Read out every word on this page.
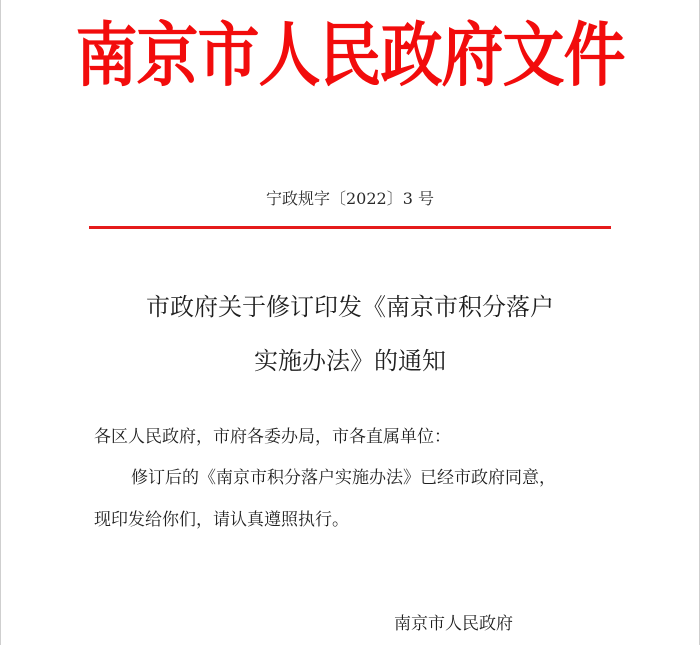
南京市人民政府文件
宁政规字〔2022〕3 号
市政府关于修订印发《南京市积分落户
实施办法》的通知
各区人民政府，市府各委办局，市各直属单位：
修订后的《南京市积分落户实施办法》已经市政府同意，
现印发给你们，请认真遵照执行。
南京市人民政府
